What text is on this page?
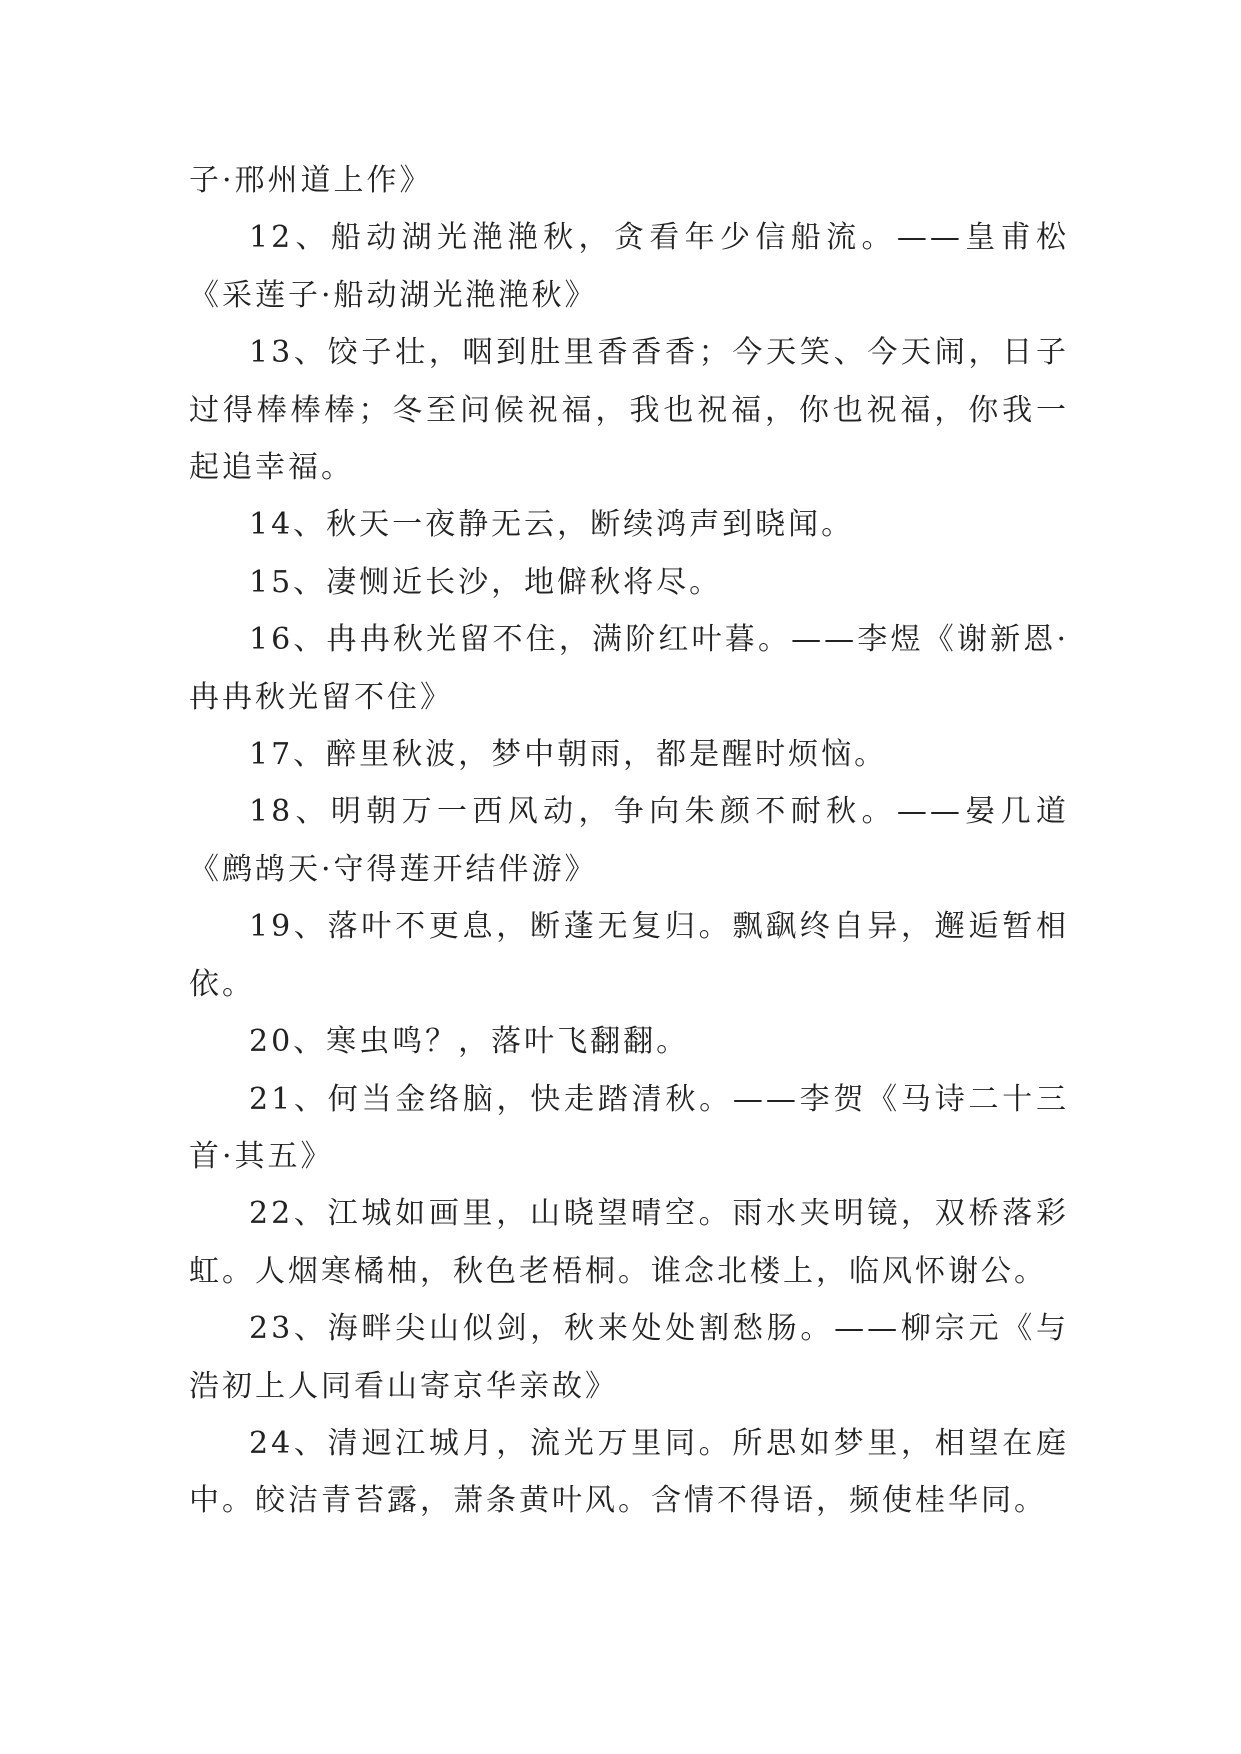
子·邢州道上作》

12、船动湖光滟滟秋，贪看年少信船流。——皇甫松《采莲子·船动湖光滟滟秋》

13、饺子壮，咽到肚里香香香；今天笑、今天闹，日子过得棒棒棒；冬至问候祝福，我也祝福，你也祝福，你我一起追幸福。

14、秋天一夜静无云，断续鸿声到晓闻。

15、凄恻近长沙，地僻秋将尽。

16、冉冉秋光留不住，满阶红叶暮。——李煜《谢新恩·冉冉秋光留不住》

17、醉里秋波，梦中朝雨，都是醒时烦恼。

18、明朝万一西风动，争向朱颜不耐秋。——晏几道《鹧鸪天·守得莲开结伴游》

19、落叶不更息，断蓬无复归。飘飖终自异，邂逅暂相依。

20、寒虫鸣？，落叶飞翻翻。

21、何当金络脑，快走踏清秋。——李贺《马诗二十三首·其五》

22、江城如画里，山晓望晴空。雨水夹明镜，双桥落彩虹。人烟寒橘柚，秋色老梧桐。谁念北楼上，临风怀谢公。

23、海畔尖山似剑，秋来处处割愁肠。——柳宗元《与浩初上人同看山寄京华亲故》

24、清迥江城月，流光万里同。所思如梦里，相望在庭中。皎洁青苔露，萧条黄叶风。含情不得语，频使桂华同。
